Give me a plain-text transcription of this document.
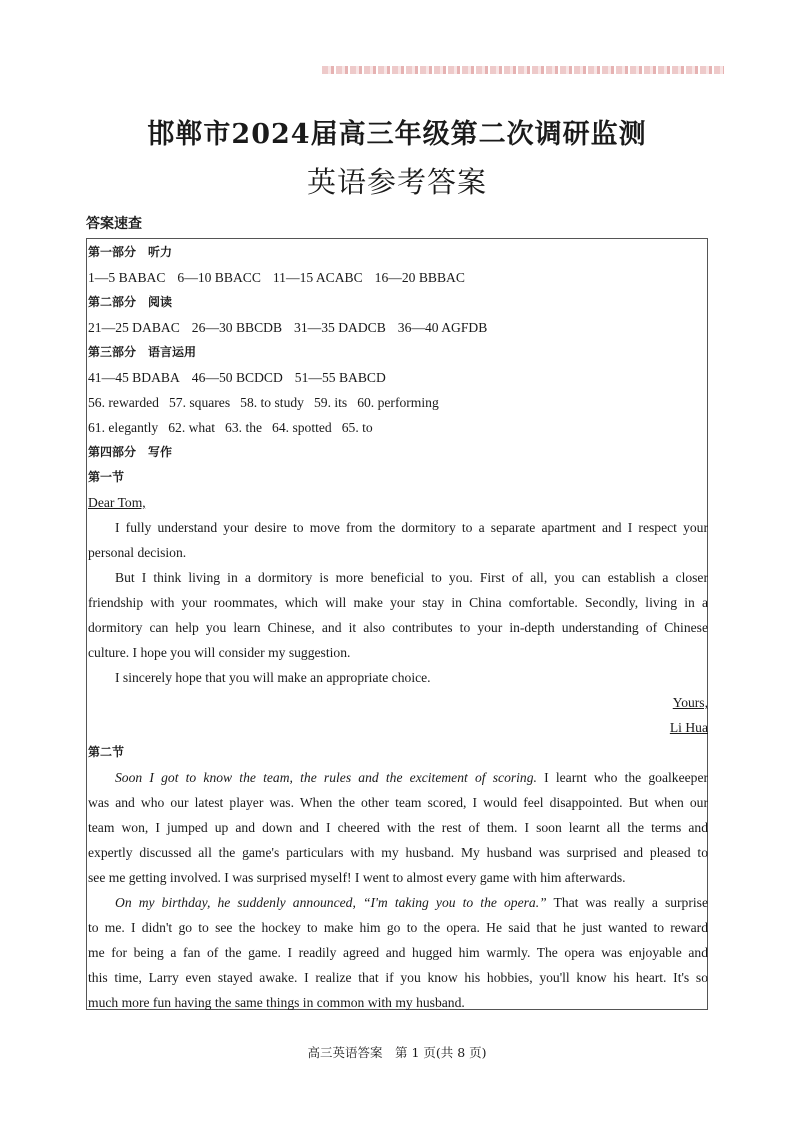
邯郸市2024届高三年级第二次调研监测
英语参考答案
答案速查
第一部分　听力
1—5 BABAC 6—10 BBACC 11—15 ACABC 16—20 BBBAC
第二部分　阅读
21—25 DABAC 26—30 BBCDB 31—35 DADCB 36—40 AGFDB
第三部分　语言运用
41—45 BDABA 46—50 BCDCD 51—55 BABCD
56. rewarded 57. squares 58. to study 59. its 60. performing
61. elegantly 62. what 63. the 64. spotted 65. to
第四部分　写作
第一节
Dear Tom,
I fully understand your desire to move from the dormitory to a separate apartment and I respect your
personal decision.
But I think living in a dormitory is more beneficial to you. First of all, you can establish a closer
friendship with your roommates, which will make your stay in China comfortable. Secondly, living in a
dormitory can help you learn Chinese, and it also contributes to your in-depth understanding of Chinese
culture. I hope you will consider my suggestion.
I sincerely hope that you will make an appropriate choice.
Yours,
Li Hua
第二节
Soon I got to know the team, the rules and the excitement of scoring. I learnt who the goalkeeper
was and who our latest player was. When the other team scored, I would feel disappointed. But when our
team won, I jumped up and down and I cheered with the rest of them. I soon learnt all the terms and
expertly discussed all the game's particulars with my husband. My husband was surprised and pleased to
see me getting involved. I was surprised myself! I went to almost every game with him afterwards.
On my birthday, he suddenly announced, “I'm taking you to the opera.” That was really a surprise
to me. I didn't go to see the hockey to make him go to the opera. He said that he just wanted to reward
me for being a fan of the game. I readily agreed and hugged him warmly. The opera was enjoyable and
this time, Larry even stayed awake. I realize that if you know his hobbies, you'll know his heart. It's so
much more fun having the same things in common with my husband.
高三英语答案　第 1 页(共 8 页)
